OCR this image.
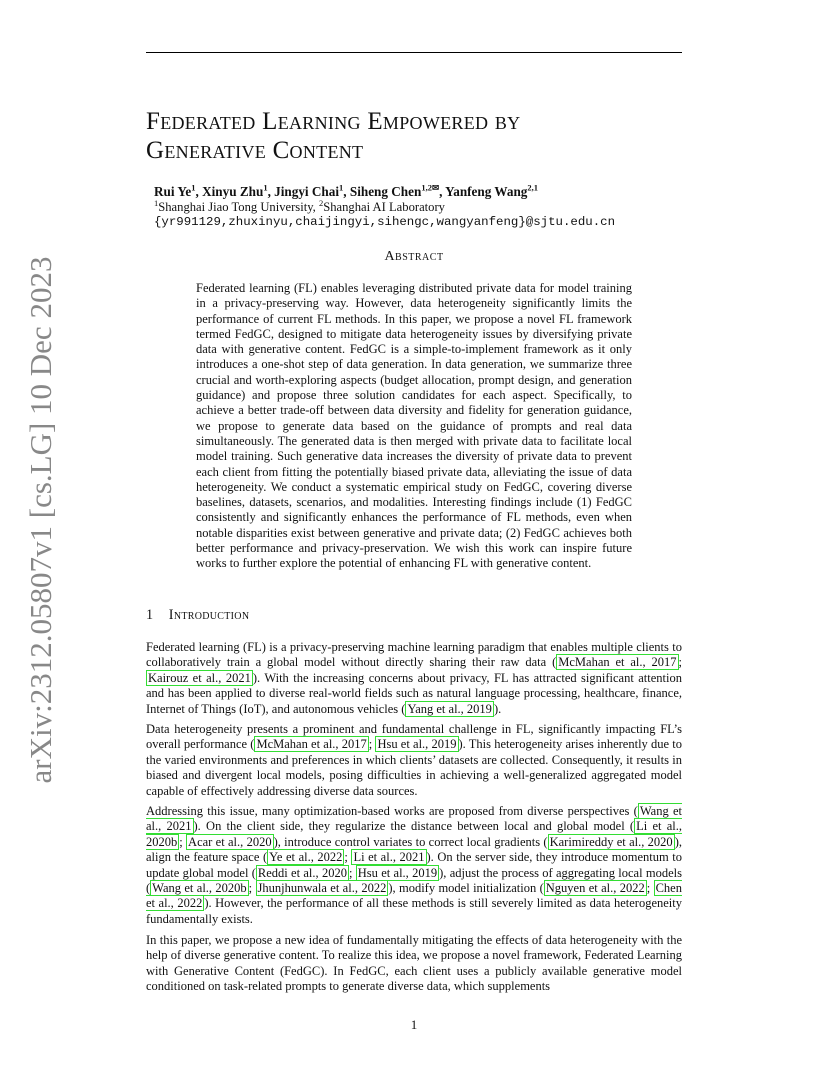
arXiv:2312.05807v1 [cs.LG] 10 Dec 2023
Federated Learning Empowered by
Generative Content
Rui Ye$^1$, Xinyu Zhu$^1$, Jingyi Chai$^1$, Siheng Chen$^{1,2✉}$, Yanfeng Wang$^{2,1}$
$^1$Shanghai Jiao Tong University, $^2$Shanghai AI Laboratory
{yr991129,zhuxinyu,chaijingyi,sihengc,wangyanfeng}@sjtu.edu.cn
Abstract
Federated learning (FL) enables leveraging distributed private data for model training in a privacy-preserving way. However, data heterogeneity significantly limits the performance of current FL methods. In this paper, we propose a novel FL framework termed FedGC, designed to mitigate data heterogeneity issues by diversifying private data with generative content. FedGC is a simple-to-implement framework as it only introduces a one-shot step of data generation. In data generation, we summarize three crucial and worth-exploring aspects (budget allocation, prompt design, and generation guidance) and propose three solution candidates for each aspect. Specifically, to achieve a better trade-off between data diversity and fidelity for generation guidance, we propose to generate data based on the guidance of prompts and real data simultaneously. The generated data is then merged with private data to facilitate local model training. Such generative data increases the diversity of private data to prevent each client from fitting the potentially biased private data, alleviating the issue of data heterogeneity. We conduct a systematic empirical study on FedGC, covering diverse baselines, datasets, scenarios, and modalities. Interesting findings include (1) FedGC consistently and significantly enhances the performance of FL methods, even when notable disparities exist between generative and private data; (2) FedGC achieves both better performance and privacy-preservation. We wish this work can inspire future works to further explore the potential of enhancing FL with generative content.
1 Introduction

Federated learning (FL) is a privacy-preserving machine learning paradigm that enables multiple clients to collaboratively train a global model without directly sharing their raw data ( McMahan et al., 2017 ; Kairouz et al., 2021 ). With the increasing concerns about privacy, FL has attracted significant attention and has been applied to diverse real-world fields such as natural language processing, healthcare, finance, Internet of Things (IoT), and autonomous vehicles ( Yang et al., 2019 ).

Data heterogeneity presents a prominent and fundamental challenge in FL, significantly impacting FL’s overall performance ( McMahan et al., 2017 ; Hsu et al., 2019 ). This heterogeneity arises inherently due to the varied environments and preferences in which clients’ datasets are collected. Consequently, it results in biased and divergent local models, posing difficulties in achieving a well-generalized aggregated model capable of effectively addressing diverse data sources.

Addressing this issue, many optimization-based works are proposed from diverse perspectives ( Wang et al., 2021 ). On the client side, they regularize the distance between local and global model ( Li et al., 2020b ; Acar et al., 2020 ), introduce control variates to correct local gradients ( Karimireddy et al., 2020 ), align the feature space ( Ye et al., 2022 ; Li et al., 2021 ). On the server side, they introduce momentum to update global model ( Reddi et al., 2020 ; Hsu et al., 2019 ), adjust the process of aggregating local models ( Wang et al., 2020b ; Jhunjhunwala et al., 2022 ), modify model initialization ( Nguyen et al., 2022 ; Chen et al., 2022 ). However, the performance of all these methods is still severely limited as data heterogeneity fundamentally exists.

In this paper, we propose a new idea of fundamentally mitigating the effects of data heterogeneity with the help of diverse generative content. To realize this idea, we propose a novel framework, Federated Learning with Generative Content (FedGC). In FedGC, each client uses a publicly available generative model conditioned on task-related prompts to generate diverse data, which supplements

1
